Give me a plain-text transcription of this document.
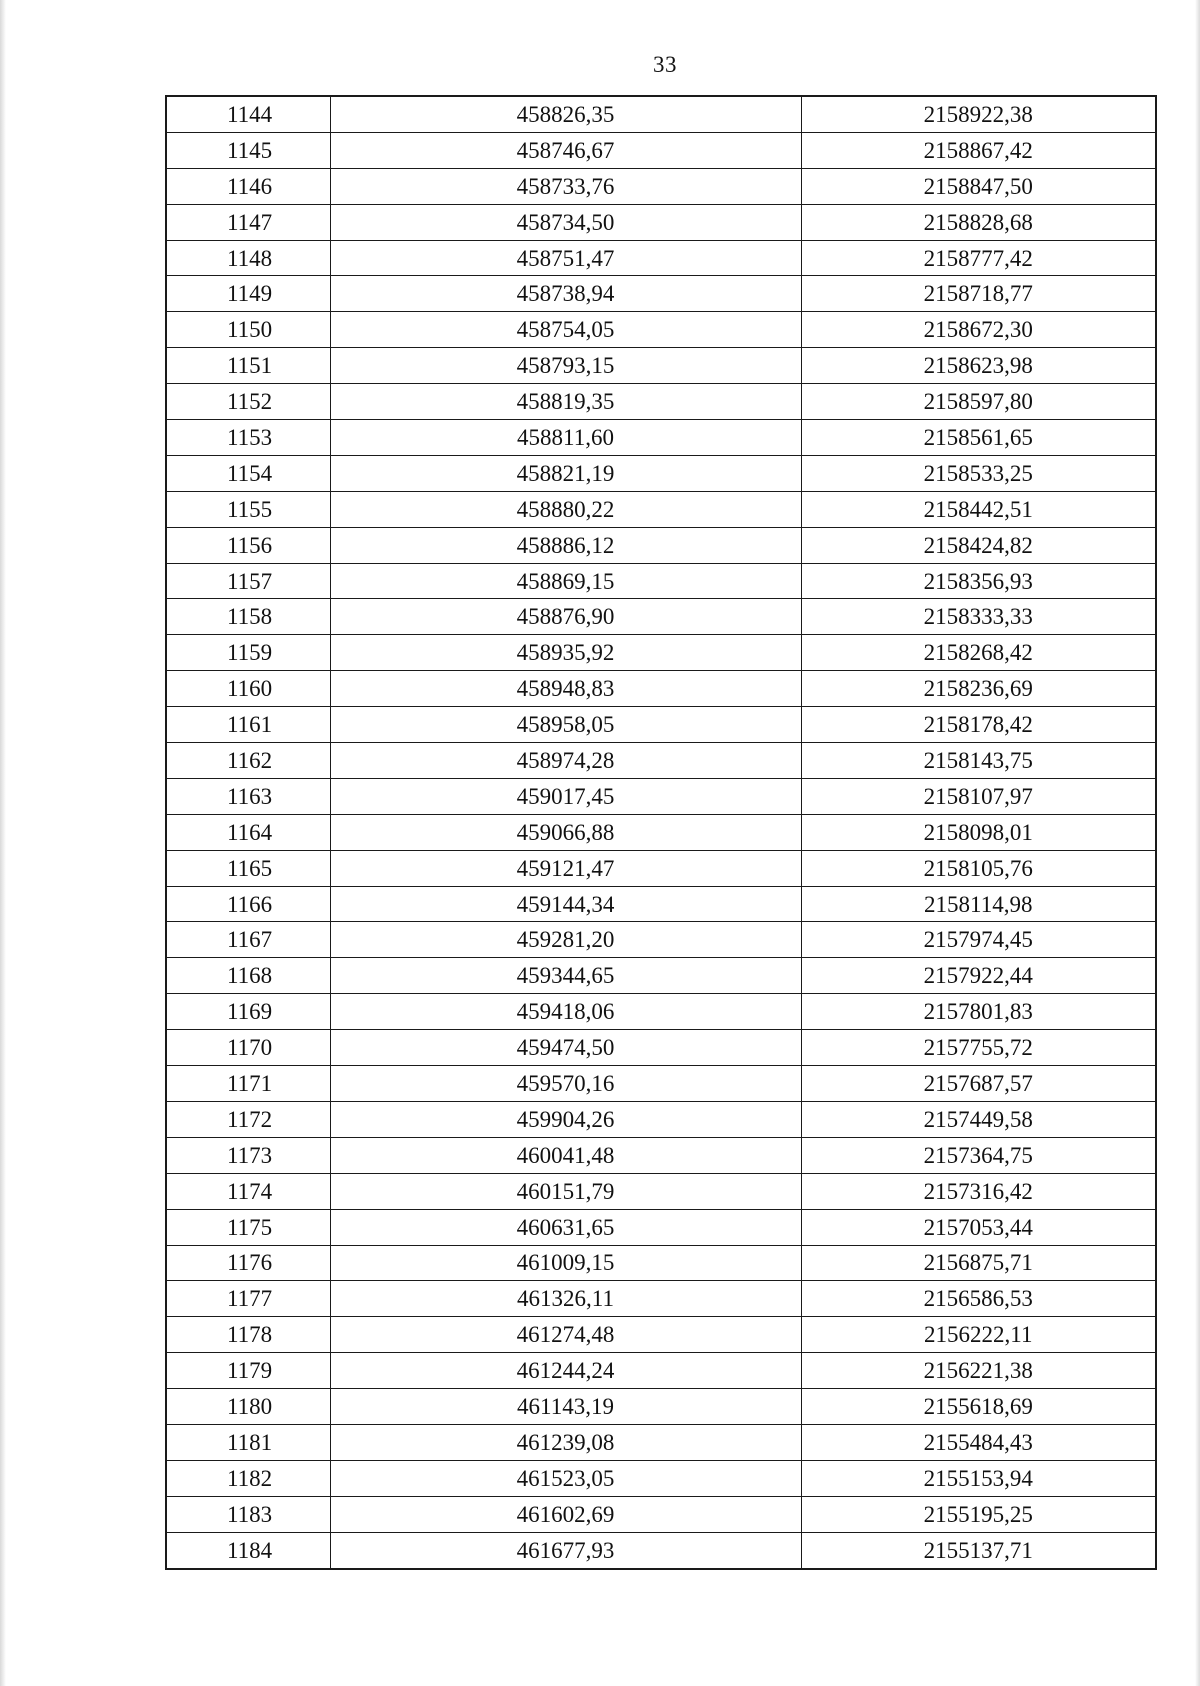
33
1144	458826,35	2158922,38
1145	458746,67	2158867,42
1146	458733,76	2158847,50
1147	458734,50	2158828,68
1148	458751,47	2158777,42
1149	458738,94	2158718,77
1150	458754,05	2158672,30
1151	458793,15	2158623,98
1152	458819,35	2158597,80
1153	458811,60	2158561,65
1154	458821,19	2158533,25
1155	458880,22	2158442,51
1156	458886,12	2158424,82
1157	458869,15	2158356,93
1158	458876,90	2158333,33
1159	458935,92	2158268,42
1160	458948,83	2158236,69
1161	458958,05	2158178,42
1162	458974,28	2158143,75
1163	459017,45	2158107,97
1164	459066,88	2158098,01
1165	459121,47	2158105,76
1166	459144,34	2158114,98
1167	459281,20	2157974,45
1168	459344,65	2157922,44
1169	459418,06	2157801,83
1170	459474,50	2157755,72
1171	459570,16	2157687,57
1172	459904,26	2157449,58
1173	460041,48	2157364,75
1174	460151,79	2157316,42
1175	460631,65	2157053,44
1176	461009,15	2156875,71
1177	461326,11	2156586,53
1178	461274,48	2156222,11
1179	461244,24	2156221,38
1180	461143,19	2155618,69
1181	461239,08	2155484,43
1182	461523,05	2155153,94
1183	461602,69	2155195,25
1184	461677,93	2155137,71
